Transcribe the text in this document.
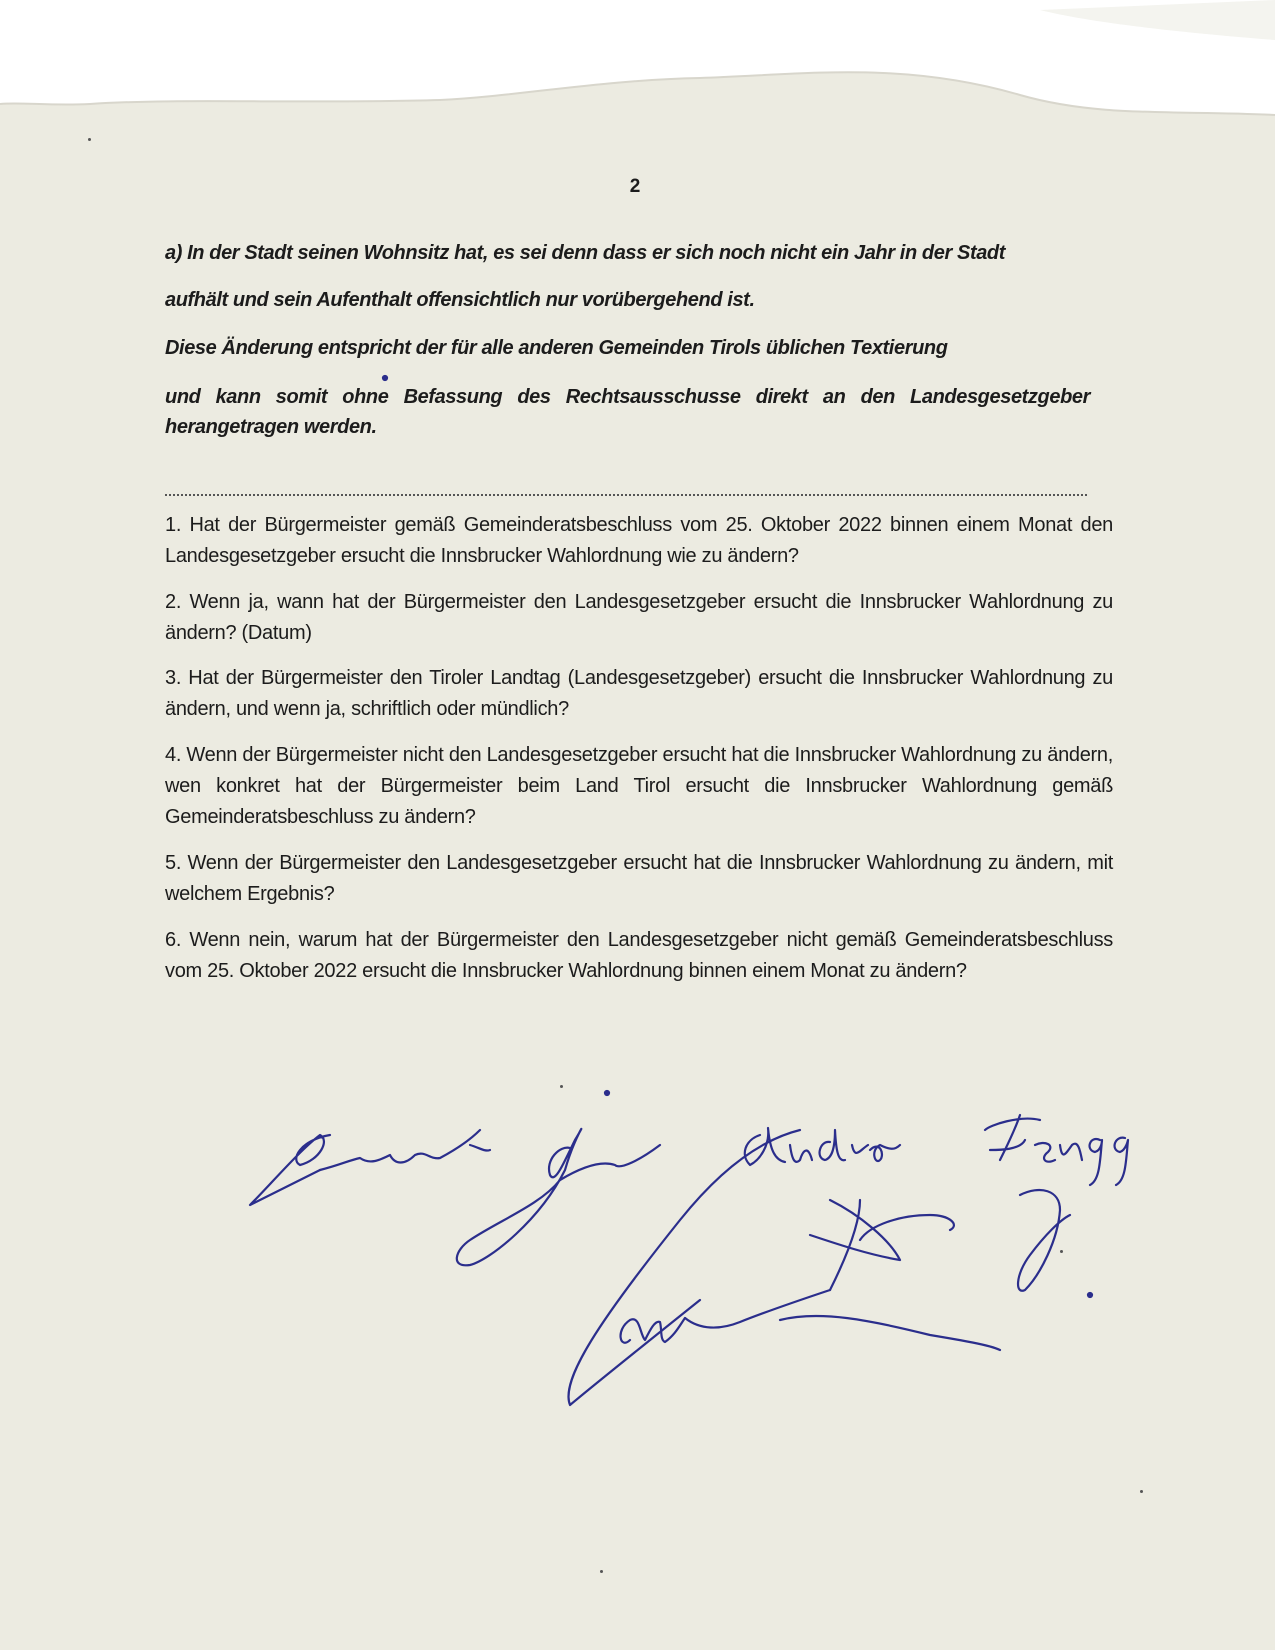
2
a) In der Stadt seinen Wohnsitz hat, es sei denn dass er sich noch nicht ein Jahr in der Stadt
aufhält und sein Aufenthalt offensichtlich nur vorübergehend ist.
Diese Änderung entspricht der für alle anderen Gemeinden Tirols üblichen Textierung
und kann somit ohne Befassung des Rechtsausschusse direkt an den Landesgesetzgeber herangetragen werden.
1. Hat der Bürgermeister gemäß Gemeinderatsbeschluss vom 25. Oktober 2022 binnen einem Monat den Landesgesetzgeber ersucht die Innsbrucker Wahlordnung wie zu ändern?
2. Wenn ja, wann hat der Bürgermeister den Landesgesetzgeber ersucht die Innsbrucker Wahlordnung zu ändern? (Datum)
3. Hat der Bürgermeister den Tiroler Landtag (Landesgesetzgeber) ersucht die Innsbrucker Wahlordnung zu ändern, und wenn ja, schriftlich oder mündlich?
4. Wenn der Bürgermeister nicht den Landesgesetzgeber ersucht hat die Innsbrucker Wahlordnung zu ändern, wen konkret hat der Bürgermeister beim Land Tirol ersucht die Innsbrucker Wahlordnung gemäß Gemeinderatsbeschluss zu ändern?
5. Wenn der Bürgermeister den Landesgesetzgeber ersucht hat die Innsbrucker Wahlordnung zu ändern, mit welchem Ergebnis?
6. Wenn nein, warum hat der Bürgermeister den Landesgesetzgeber nicht gemäß Gemeinderatsbeschluss vom 25. Oktober 2022 ersucht die Innsbrucker Wahlordnung binnen einem Monat zu ändern?
